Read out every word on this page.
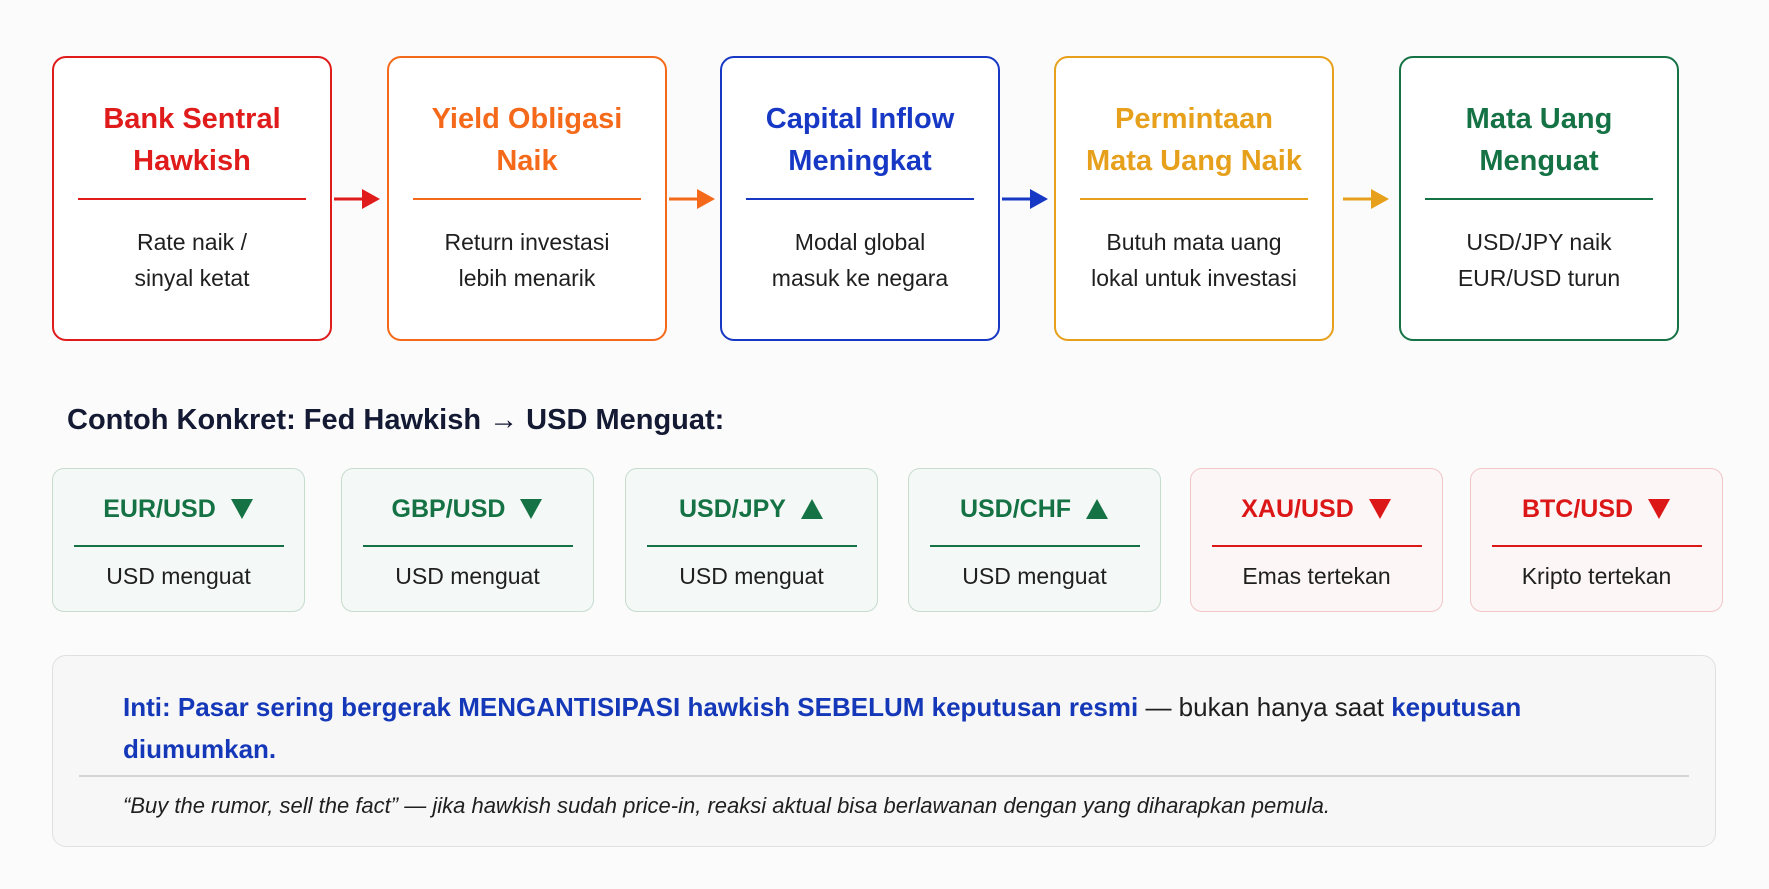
Bank Sentral
Hawkish
Rate naik /
sinyal ketat
Yield Obligasi
Naik
Return investasi
lebih menarik
Capital Inflow
Meningkat
Modal global
masuk ke negara
Permintaan
Mata Uang Naik
Butuh mata uang
lokal untuk investasi
Mata Uang
Menguat
USD/JPY naik
EUR/USD turun
Contoh Konkret: Fed Hawkish → USD Menguat:
EUR/USD
USD menguat
GBP/USD
USD menguat
USD/JPY
USD menguat
USD/CHF
USD menguat
XAU/USD
Emas tertekan
BTC/USD
Kripto tertekan

Inti: Pasar sering bergerak MENGANTISIPASI hawkish SEBELUM keputusan resmi — bukan hanya saat keputusan diumumkan.

“Buy the rumor, sell the fact” — jika hawkish sudah price-in, reaksi aktual bisa berlawanan dengan yang diharapkan pemula.
